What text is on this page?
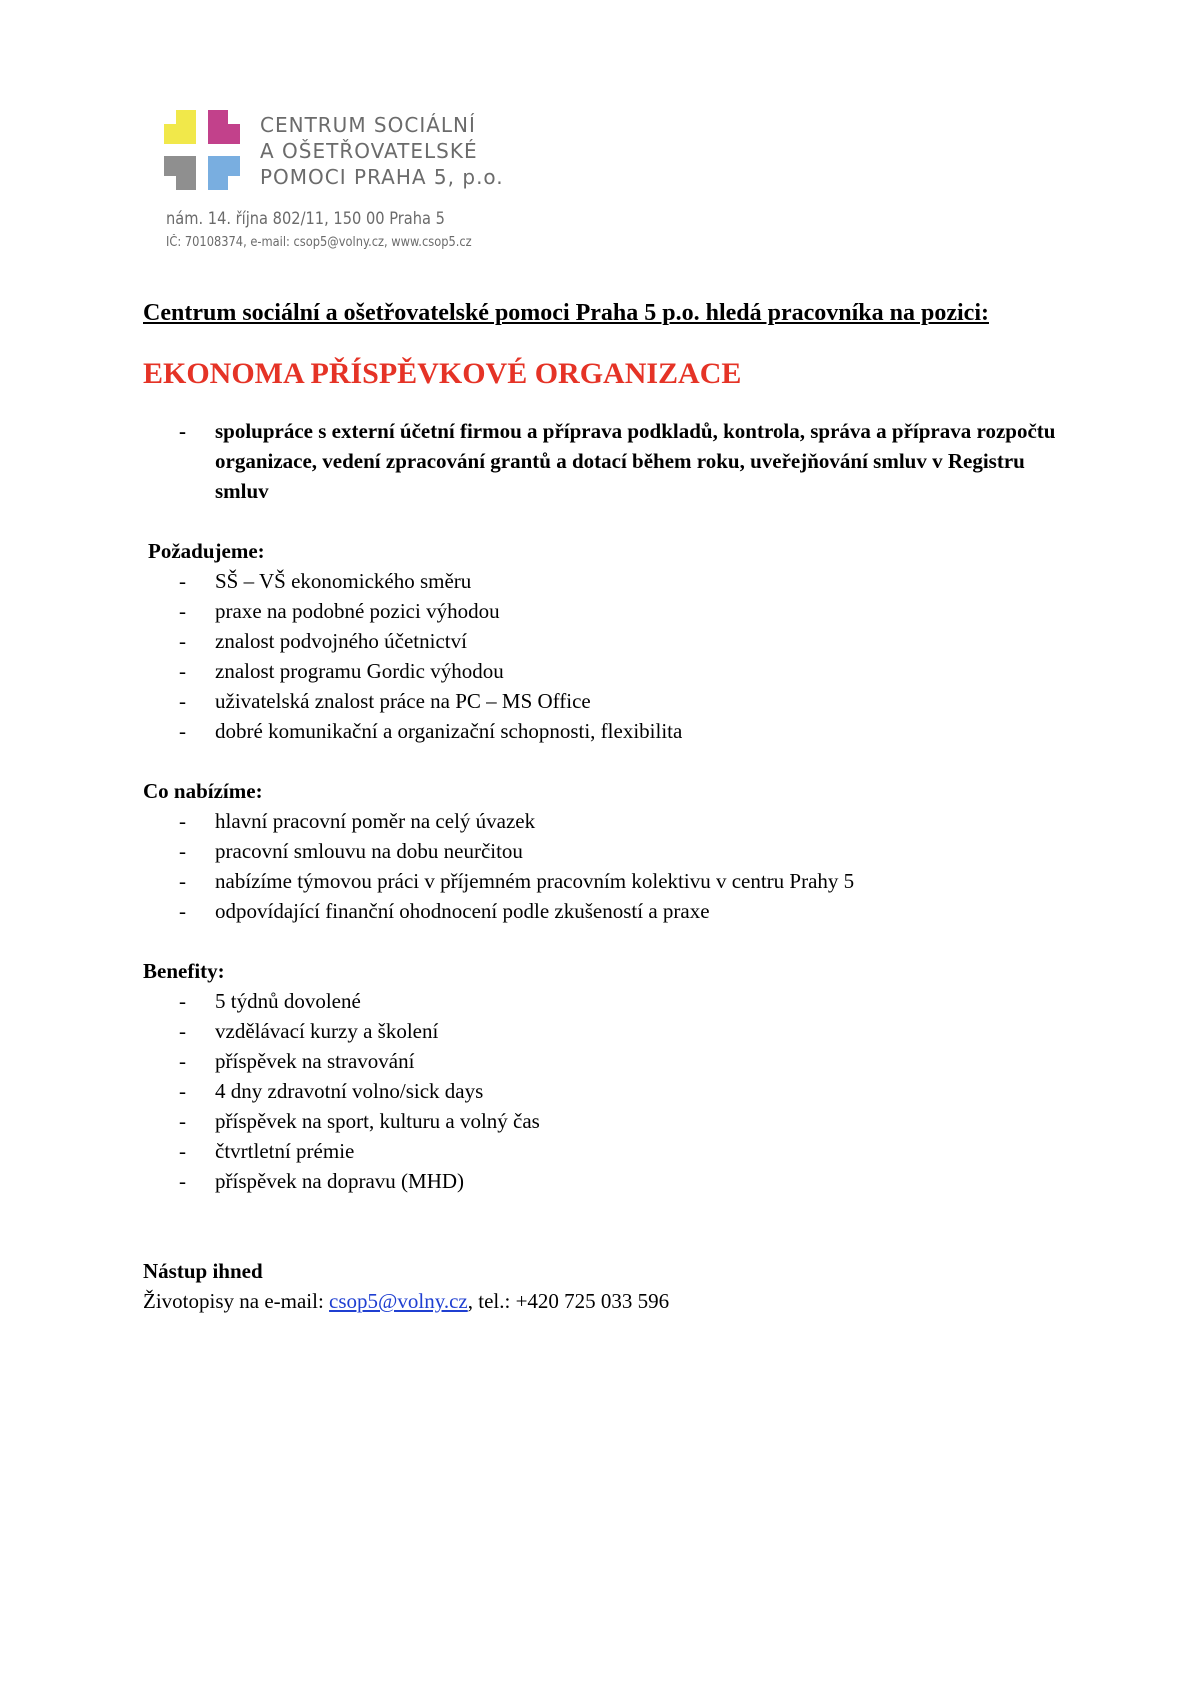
CENTRUM SOCIÁLNÍ
A OŠETŘOVATELSKÉ
POMOCI PRAHA 5, p.o.
nám. 14. října 802/11, 150 00 Praha 5
IČ: 70108374, e-mail: csop5@volny.cz, www.csop5.cz

Centrum sociální a ošetřovatelské pomoci Praha 5 p.o. hledá pracovníka na pozici:

EKONOMA PŘÍSPĚVKOVÉ ORGANIZACE

- spolupráce s externí účetní firmou a příprava podkladů, kontrola, správa a příprava rozpočtu organizace, vedení zpracování grantů a dotací během roku, uveřejňování smluv v Registru smluv

Požadujeme:

- SŠ – VŠ ekonomického směru
- praxe na podobné pozici výhodou
- znalost podvojného účetnictví
- znalost programu Gordic výhodou
- uživatelská znalost práce na PC – MS Office
- dobré komunikační a organizační schopnosti, flexibilita

Co nabízíme:

- hlavní pracovní poměr na celý úvazek
- pracovní smlouvu na dobu neurčitou
- nabízíme týmovou práci v příjemném pracovním kolektivu v centru Prahy 5
- odpovídající finanční ohodnocení podle zkušeností a praxe

Benefity:

- 5 týdnů dovolené
- vzdělávací kurzy a školení
- příspěvek na stravování
- 4 dny zdravotní volno/sick days
- příspěvek na sport, kulturu a volný čas
- čtvrtletní prémie
- příspěvek na dopravu (MHD)

Nástup ihned

Životopisy na e-mail: csop5@volny.cz, tel.: +420 725 033 596
